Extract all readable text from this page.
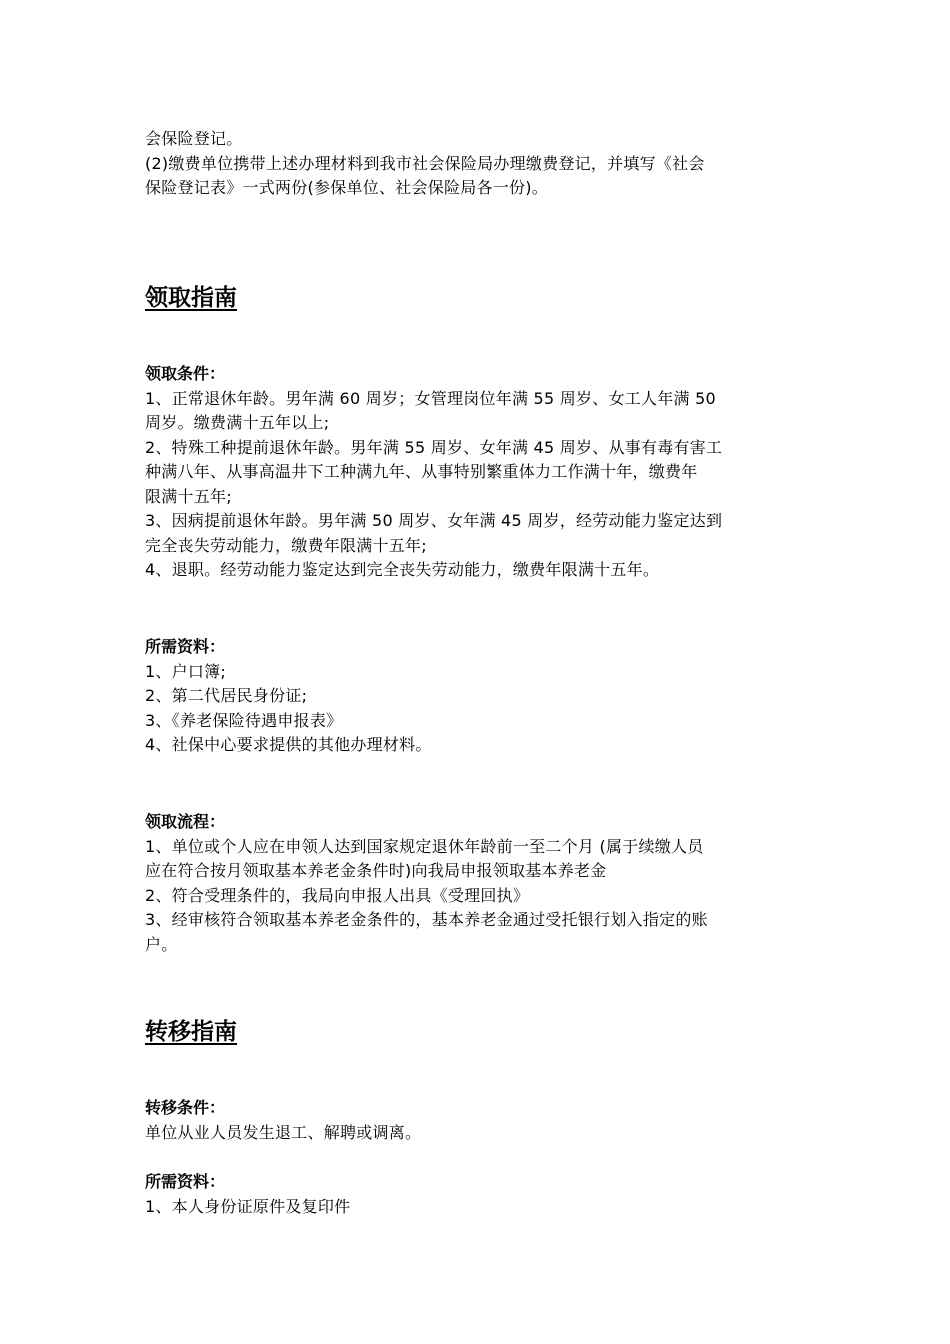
会保险登记。
(2)缴费单位携带上述办理材料到我市社会保险局办理缴费登记，并填写《社会
保险登记表》一式两份(参保单位、社会保险局各一份)。
领取指南
领取条件：
1、正常退休年龄。男年满 60 周岁；女管理岗位年满 55 周岁、女工人年满 50
周岁。缴费满十五年以上;
2、特殊工种提前退休年龄。男年满 55 周岁、女年满 45 周岁、从事有毒有害工
种满八年、从事高温井下工种满九年、从事特别繁重体力工作满十年，缴费年
限满十五年;
3、因病提前退休年龄。男年满 50 周岁、女年满 45 周岁，经劳动能力鉴定达到
完全丧失劳动能力，缴费年限满十五年;
4、退职。经劳动能力鉴定达到完全丧失劳动能力，缴费年限满十五年。
所需资料：
1、户口簿;
2、第二代居民身份证;
3、《养老保险待遇申报表》
4、社保中心要求提供的其他办理材料。
领取流程：
1、单位或个人应在申领人达到国家规定退休年龄前一至二个月 (属于续缴人员
应在符合按月领取基本养老金条件时)向我局申报领取基本养老金
2、符合受理条件的，我局向申报人出具《受理回执》
3、经审核符合领取基本养老金条件的，基本养老金通过受托银行划入指定的账
户。
转移指南
转移条件：
单位从业人员发生退工、解聘或调离。
所需资料：
1、本人身份证原件及复印件
